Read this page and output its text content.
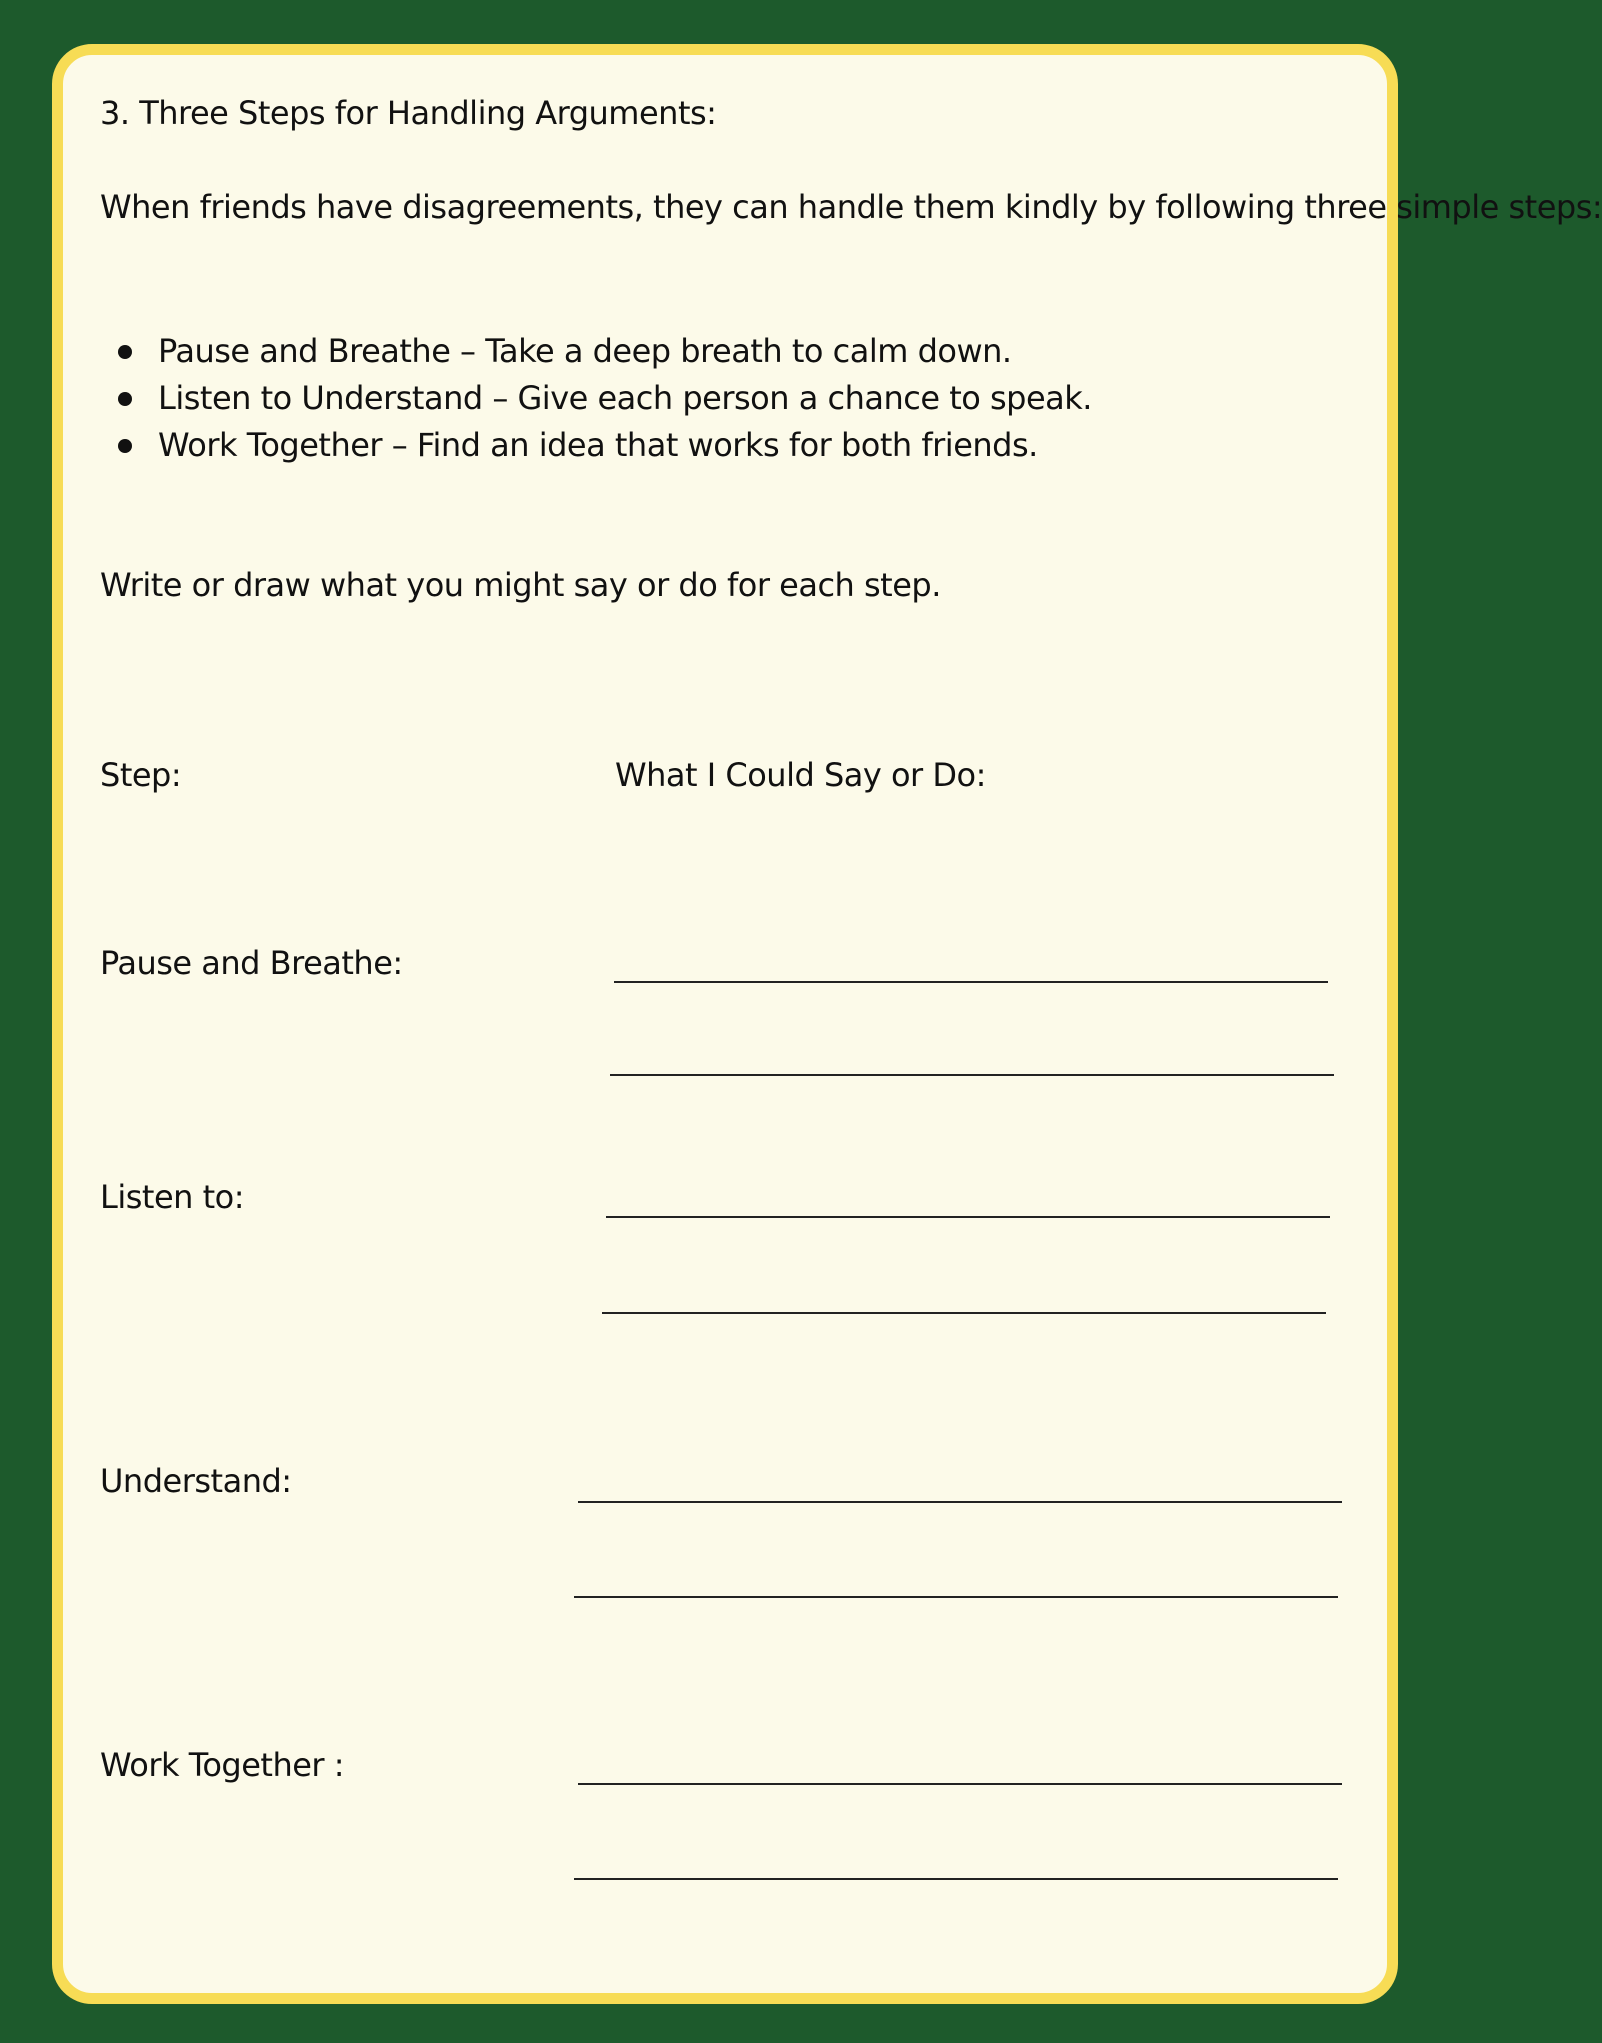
3. Three Steps for Handling Arguments:
When friends have disagreements, they can handle them kindly by following three simple steps:
Pause and Breathe – Take a deep breath to calm down.
Listen to Understand – Give each person a chance to speak.
Work Together – Find an idea that works for both friends.
Write or draw what you might say or do for each step.
Step:	What I Could Say or Do:
Pause and Breathe:
Listen to:
Understand:
Work Together :
